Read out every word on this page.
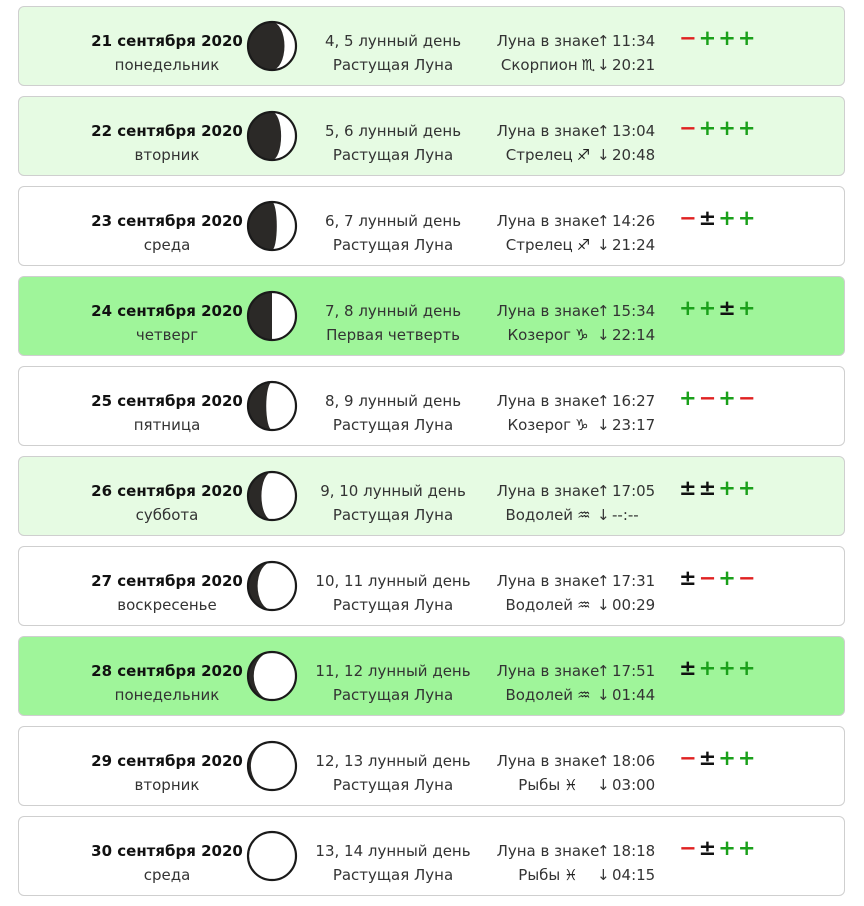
21 сентября 2020
понедельник
4, 5 лунный день
Растущая Луна
Луна в знаке
Скорпион ♏
↑ 11:34
↓ 20:21
−+++
22 сентября 2020
вторник
5, 6 лунный день
Растущая Луна
Луна в знаке
Стрелец ♐
↑ 13:04
↓ 20:48
−+++
23 сентября 2020
среда
6, 7 лунный день
Растущая Луна
Луна в знаке
Стрелец ♐
↑ 14:26
↓ 21:24
−±++
24 сентября 2020
четверг
7, 8 лунный день
Первая четверть
Луна в знаке
Козерог ♑
↑ 15:34
↓ 22:14
++±+
25 сентября 2020
пятница
8, 9 лунный день
Растущая Луна
Луна в знаке
Козерог ♑
↑ 16:27
↓ 23:17
+−+−
26 сентября 2020
суббота
9, 10 лунный день
Растущая Луна
Луна в знаке
Водолей ♒
↑ 17:05
↓ --:--
±±++
27 сентября 2020
воскресенье
10, 11 лунный день
Растущая Луна
Луна в знаке
Водолей ♒
↑ 17:31
↓ 00:29
±−+−
28 сентября 2020
понедельник
11, 12 лунный день
Растущая Луна
Луна в знаке
Водолей ♒
↑ 17:51
↓ 01:44
±+++
29 сентября 2020
вторник
12, 13 лунный день
Растущая Луна
Луна в знаке
Рыбы ♓
↑ 18:06
↓ 03:00
−±++
30 сентября 2020
среда
13, 14 лунный день
Растущая Луна
Луна в знаке
Рыбы ♓
↑ 18:18
↓ 04:15
−±++
